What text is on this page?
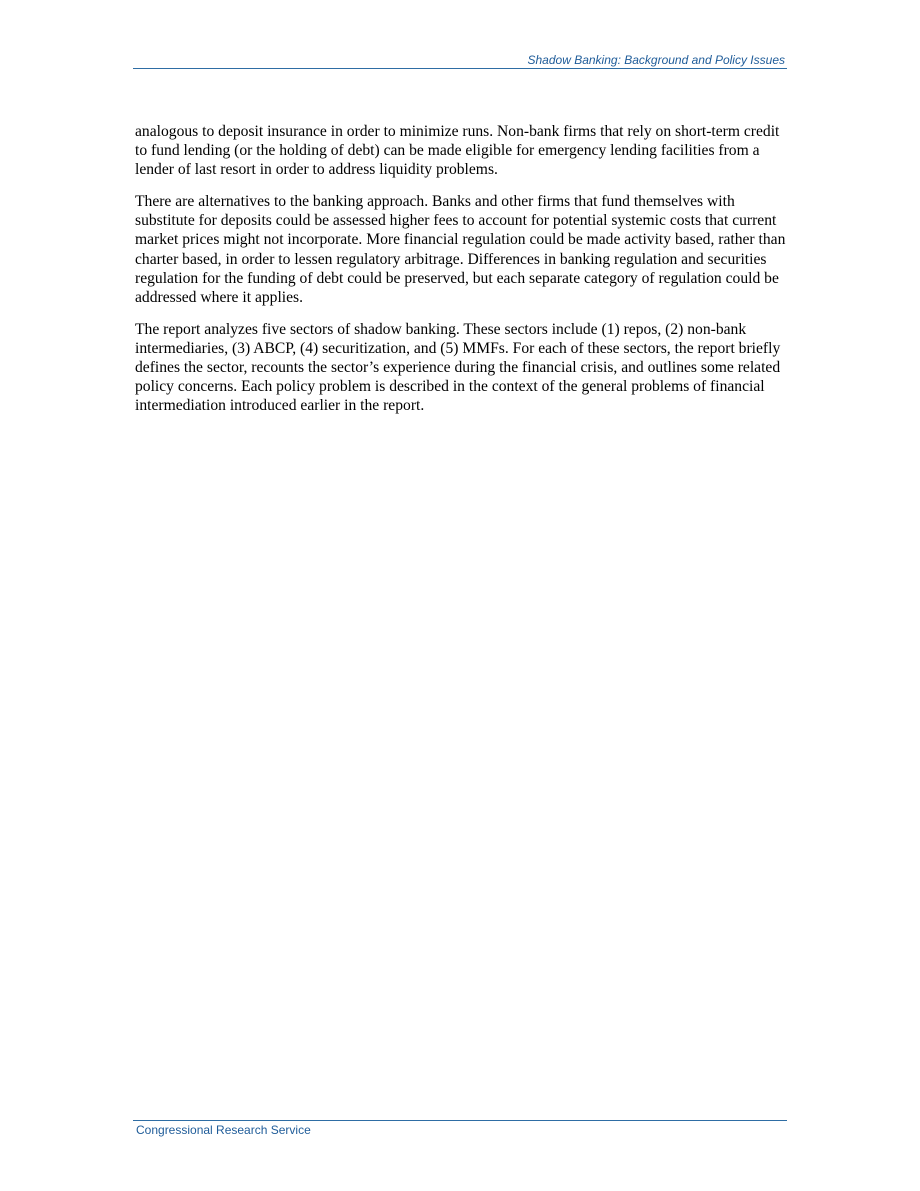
Shadow Banking: Background and Policy Issues

analogous to deposit insurance in order to minimize runs. Non-bank firms that rely on short-term credit to fund lending (or the holding of debt) can be made eligible for emergency lending facilities from a lender of last resort in order to address liquidity problems.

There are alternatives to the banking approach. Banks and other firms that fund themselves with substitute for deposits could be assessed higher fees to account for potential systemic costs that current market prices might not incorporate. More financial regulation could be made activity based, rather than charter based, in order to lessen regulatory arbitrage. Differences in banking regulation and securities regulation for the funding of debt could be preserved, but each separate category of regulation could be addressed where it applies.

The report analyzes five sectors of shadow banking. These sectors include (1) repos, (2) non-bank intermediaries, (3) ABCP, (4) securitization, and (5) MMFs. For each of these sectors, the report briefly defines the sector, recounts the sector’s experience during the financial crisis, and outlines some related policy concerns. Each policy problem is described in the context of the general problems of financial intermediation introduced earlier in the report.

Congressional Research Service
